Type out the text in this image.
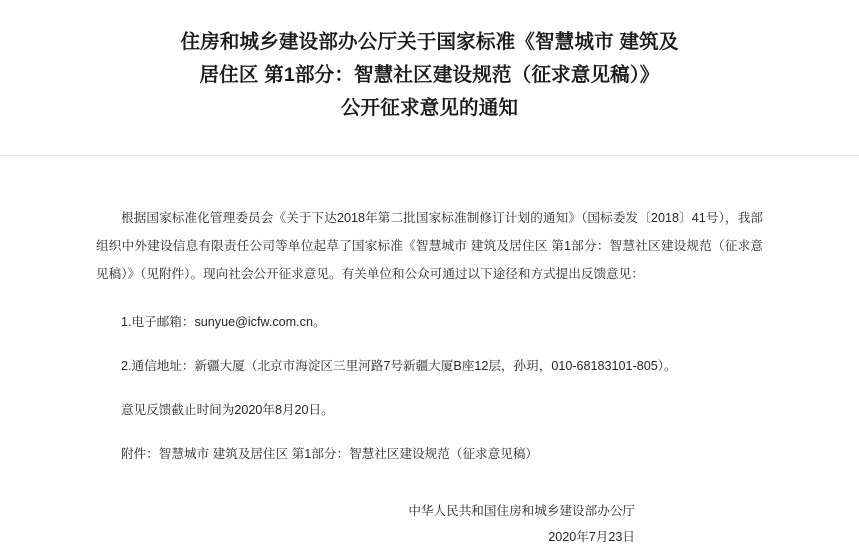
住房和城乡建设部办公厅关于国家标准《智慧城市 建筑及
居住区 第1部分：智慧社区建设规范（征求意见稿）》
公开征求意见的通知

根据国家标准化管理委员会《关于下达2018年第二批国家标准制修订计划的通知》（国标委发〔2018〕41号），我部组织中外建设信息有限责任公司等单位起草了国家标准《智慧城市 建筑及居住区 第1部分：智慧社区建设规范（征求意见稿）》（见附件）。现向社会公开征求意见。有关单位和公众可通过以下途径和方式提出反馈意见：

1.电子邮箱：sunyue@icfw.com.cn。

2.通信地址：新疆大厦（北京市海淀区三里河路7号新疆大厦B座12层，孙玥，010-68183101-805）。

意见反馈截止时间为2020年8月20日。

附件：智慧城市 建筑及居住区 第1部分：智慧社区建设规范（征求意见稿）

中华人民共和国住房和城乡建设部办公厅
2020年7月23日
